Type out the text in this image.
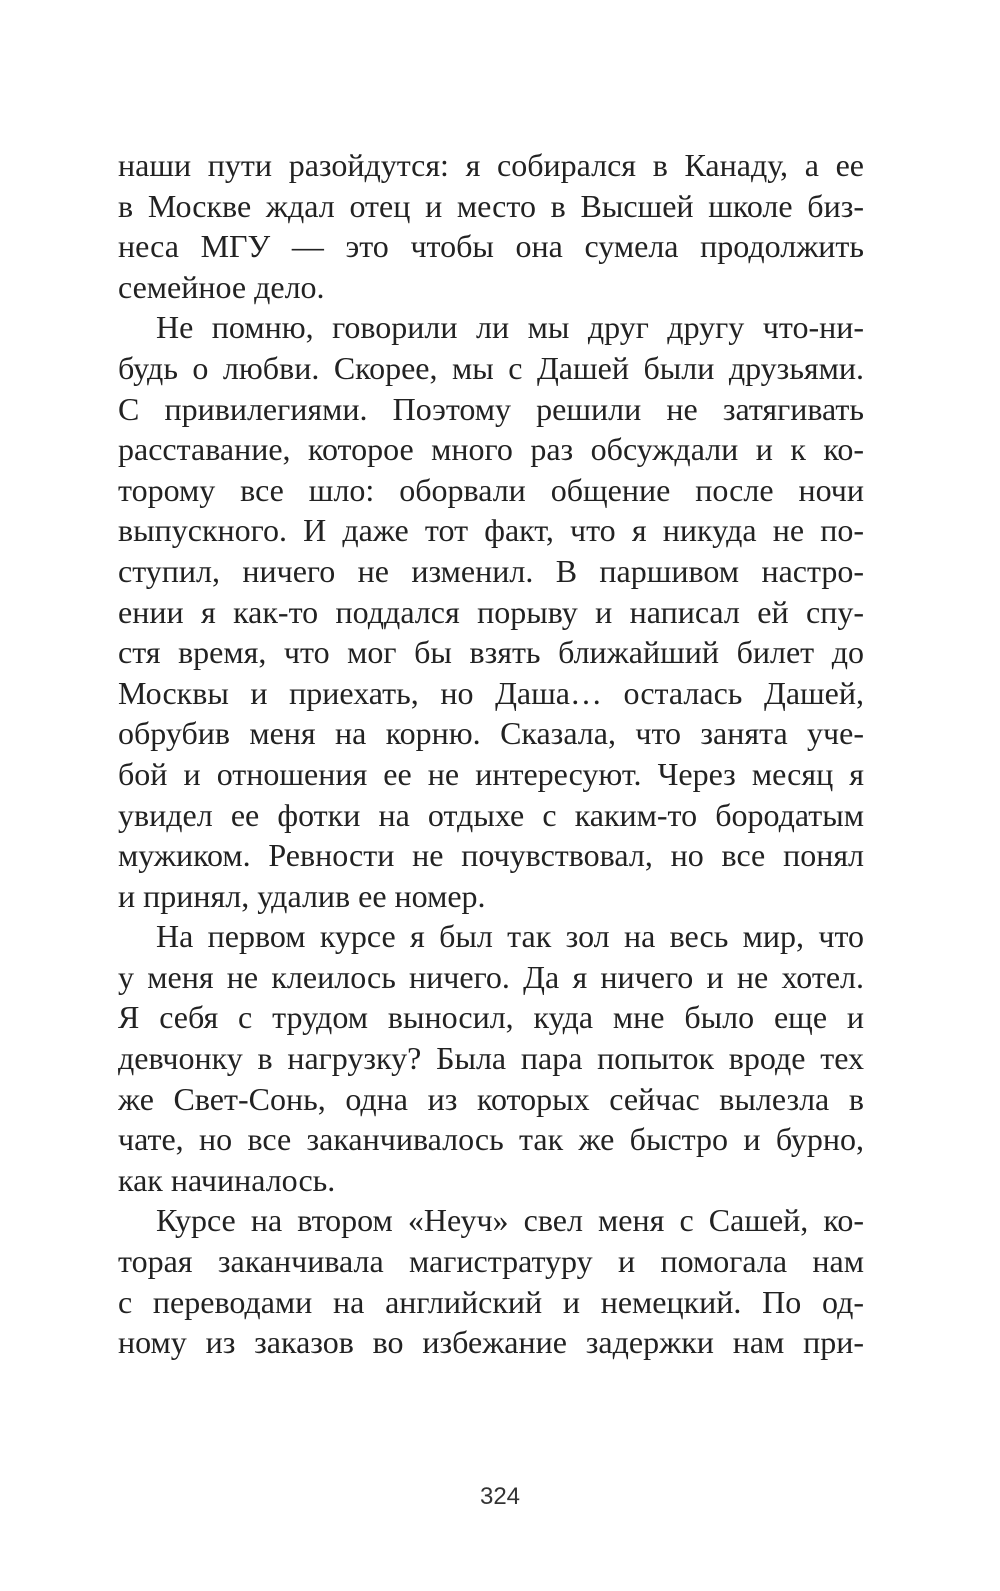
наши пути разойдутся: я собирался в Канаду, а ее
в Москве ждал отец и место в Высшей школе биз-
неса МГУ — это чтобы она сумела продолжить
семейное дело.
Не помню, говорили ли мы друг другу что-ни-
будь о любви. Скорее, мы с Дашей были друзьями.
С привилегиями. Поэтому решили не затягивать
расставание, которое много раз обсуждали и к ко-
торому все шло: оборвали общение после ночи
выпускного. И даже тот факт, что я никуда не по-
ступил, ничего не изменил. В паршивом настро-
ении я как-то поддался порыву и написал ей спу-
стя время, что мог бы взять ближайший билет до
Москвы и приехать, но Даша… осталась Дашей,
обрубив меня на корню. Сказала, что занята уче-
бой и отношения ее не интересуют. Через месяц я
увидел ее фотки на отдыхе с каким-то бородатым
мужиком. Ревности не почувствовал, но все понял
и принял, удалив ее номер.
На первом курсе я был так зол на весь мир, что
у меня не клеилось ничего. Да я ничего и не хотел.
Я себя с трудом выносил, куда мне было еще и
девчонку в нагрузку? Была пара попыток вроде тех
же Свет-Сонь, одна из которых сейчас вылезла в
чате, но все заканчивалось так же быстро и бурно,
как начиналось.
Курсе на втором «Неуч» свел меня с Сашей, ко-
торая заканчивала магистратуру и помогала нам
с переводами на английский и немецкий. По од-
ному из заказов во избежание задержки нам при-
324
